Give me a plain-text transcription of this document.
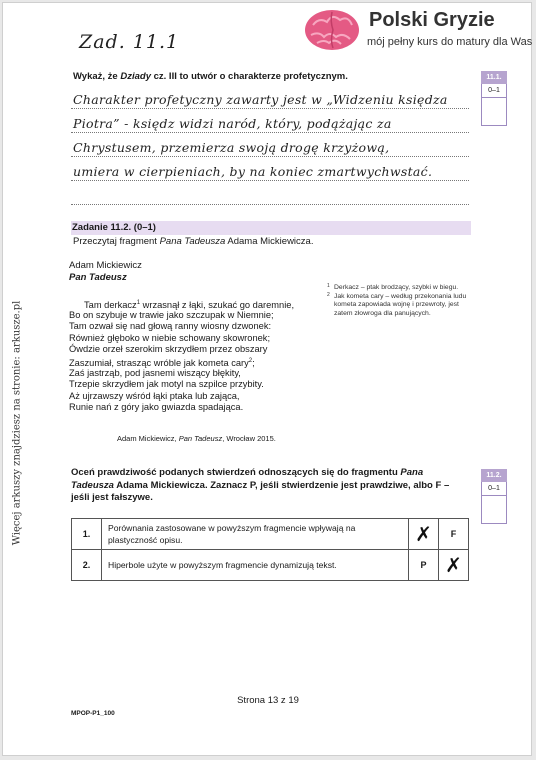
Zad. 11.1
Polski Gryzie
mój pełny kurs do matury dla Was
Więcej arkuszy znajdziesz na stronie: arkusze.pl
Wykaż, że Dziady cz. III to utwór o charakterze profetycznym.	11.1.
0–1
Charakter profetyczny zawarty jest w „Widzeniu księdza
Piotra” - księdz widzi naród, który, podążając za
Chrystusem, przemierza swoją drogę krzyżową,
umiera w cierpieniach, by na koniec zmartwychwstać.
Zadanie 11.2. (0–1)
Przeczytaj fragment Pana Tadeusza Adama Mickiewicza.
Adam Mickiewicz
Pan Tadeusz
Tam derkacz$^1$ wrzasnął z łąki, szukać go daremnie,
Bo on szybuje w trawie jako szczupak w Niemnie;
Tam ozwał się nad głową ranny wiosny dzwonek:
Również głęboko w niebie schowany skowronek;
Ówdzie orzeł szerokim skrzydłem przez obszary
Zaszumiał, strasząc wróble jak kometa cary$^2$;
Zaś jastrząb, pod jasnemi wiszący błękity,
Trzepie skrzydłem jak motyl na szpilce przybity.
Aż ujrzawszy wśród łąki ptaka lub zająca,
Runie nań z góry jako gwiazda spadająca.
Adam Mickiewicz, Pan Tadeusz, Wrocław 2015.
1 Derkacz – ptak brodzący, szybki w biegu.
2 Jak kometa cary – według przekonania ludu kometa zapowiada wojnę i przewroty, jest zatem złowroga dla panujących.
Oceń prawdziwość podanych stwierdzeń odnoszących się do fragmentu Pana Tadeusza Adama Mickiewicza. Zaznacz P, jeśli stwierdzenie jest prawdziwe, albo F – jeśli jest fałszywe.
11.2.
0–1
1.	Porównania zastosowane w powyższym fragmencie wpływają na plastyczność opisu.	✗	F
2.	Hiperbole użyte w powyższym fragmencie dynamizują tekst.	P	✗
MPOP-P1_100
Strona 13 z 19
